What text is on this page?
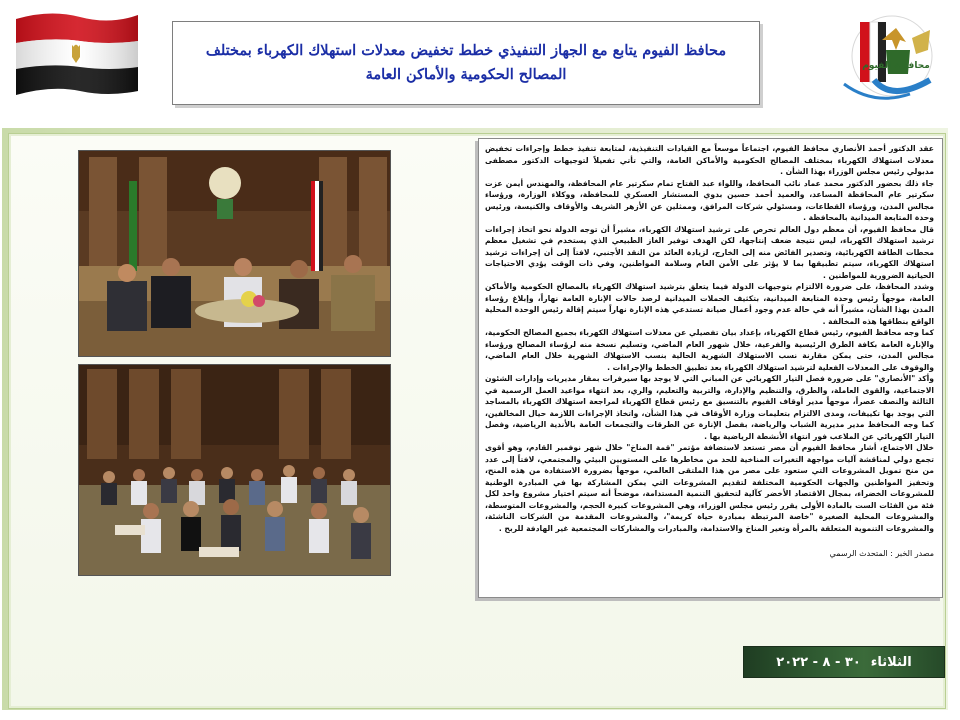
محافظة الفيوم
محافظ الفيوم يتابع مع الجهاز التنفيذي خطط تخفيض معدلات استهلاك الكهرباء بمختلف المصالح الحكومية والأماكن العامة

عقد الدكتور أحمد الأنصاري محافظ الفيوم، اجتماعاً موسعاً مع القيادات التنفيذية، لمتابعة تنفيذ خطط وإجراءات تخفيض معدلات استهلاك الكهرباء بمختلف المصالح الحكومية والأماكن العامة، والتي تأتي تفعيلاً لتوجيهات الدكتور مصطفى مدبولي رئيس مجلس الوزراء بهذا الشأن .

جاء ذلك بحضور الدكتور محمد عماد نائب المحافظ، واللواء عبد الفتاح تمام سكرتير عام المحافظة، والمهندس أيمن عزت سكرتير عام المحافظة المساعد، والعميد أحمد حسين بدوي المستشار العسكري للمحافظة، ووكلاء الوزارة، ورؤساء مجالس المدن، ورؤساء القطاعات، ومسئولي شركات المرافق، وممثلين عن الأزهر الشريف والأوقاف والكنيسة، ورئيس وحدة المتابعة الميدانية بالمحافظة .

قال محافظ الفيوم، أن معظم دول العالم تحرص على ترشيد استهلاك الكهرباء، مشيراً أن توجه الدولة نحو اتخاذ إجراءات ترشيد استهلاك الكهرباء، ليس نتيجة ضعف إنتاجها، لكن الهدف توفير الغاز الطبيعي الذي يستخدم في تشغيل معظم محطات الطاقة الكهربائية، وتصدير الفائض منه إلى الخارج، لزيادة العائد من النقد الأجنبي، لافتاً إلى أن إجراءات ترشيد استهلاك الكهرباء، سيتم تطبيقها بما لا يؤثر على الأمن العام وسلامة المواطنين، وفي ذات الوقت يؤدي الاحتياجات الحياتية الضرورية للمواطنين .

وشدد المحافظ، على ضرورة الالتزام بتوجيهات الدولة فيما يتعلق بترشيد استهلاك الكهرباء بالمصالح الحكومية والأماكن العامة، موجهاً رئيس وحدة المتابعة الميدانية، بتكثيف الحملات الميدانية لرصد حالات الإنارة العامة نهاراً، وإبلاغ رؤساء المدن بهذا الشأن، مشيراً أنه في حالة عدم وجود أعمال صيانة تستدعي هذه الإنارة نهاراً سيتم إقالة رئيس الوحدة المحلية الواقع بنطاقها هذه المخالفة .

كما وجه محافظ الفيوم، رئيس قطاع الكهرباء، بإعداد بيان تفصيلي عن معدلات استهلاك الكهرباء بجميع المصالح الحكومية، والإنارة العامة بكافة الطرق الرئيسية والفرعية، خلال شهور العام الماضي، وتسليم نسخة منه لرؤساء المصالح ورؤساء مجالس المدن، حتى يمكن مقارنة نسب الاستهلاك الشهرية الحالية بنسب الاستهلاك الشهرية خلال العام الماضي، والوقوف على المعدلات الفعلية لترشيد استهلاك الكهرباء بعد تطبيق الخطط والإجراءات .

وأكد "الأنصاري" على ضرورة فصل التيار الكهربائي عن المباني التي لا يوجد بها سيرفرات بمقار مديريات وإدارات الشئون الاجتماعية، والقوى العاملة، والطرق، والتنظيم والإدارة، والتربية والتعليم، والري، بعد انتهاء مواعيد العمل الرسمية في الثالثة والنصف عصراً، موجهاً مدير أوقاف الفيوم بالتنسيق مع رئيس قطاع الكهرباء لمراجعة استهلاك الكهرباء بالمساجد التي يوجد بها تكييفات، ومدى الالتزام بتعليمات وزارة الأوقاف في هذا الشأن، واتخاذ الإجراءات اللازمة حيال المخالفين، كما وجه المحافظ مدير مديرية الشباب والرياضة، بفصل الإنارة عن الطرقات والتجمعات العامة بالأندية الرياضية، وفصل التيار الكهربائي عن الملاعب فور انتهاء الأنشطة الرياضية بها .

خلال الاجتماع، أشار محافظ الفيوم أن مصر تستعد لاستضافة مؤتمر "قمة المناخ" خلال شهر نوفمبر القادم، وهو أقوى تجمع دولي لمناقشة آليات مواجهة التغيرات المناخية للحد من مخاطرها على المستويين البيئي والمجتمعي، لافتاً إلى عدد من منح تمويل المشروعات التي ستعود على مصر من هذا الملتقى العالمي، موجهاً بضرورة الاستفادة من هذه المنح، وتحفيز المواطنين والجهات الحكومية المختلفة لتقديم المشروعات التي يمكن المشاركة بها في المبادرة الوطنية للمشروعات الخضراء، بمجال الاقتصاد الأخضر كآلية لتحقيق التنمية المستدامة، موضحاً أنه سيتم اختيار مشروع واحد لكل فئة من الفئات الست بالمادة الأولى يقرر رئيس مجلس الوزراء، وهي المشروعات كبيرة الحجم، والمشروعات المتوسطة، والمشروعات المحلية الصغيرة "خاصة المرتبطة بمبادرة حياة كريمة"، والمشروعات المقدمة من الشركات الناشئة، والمشروعات التنموية المتعلقة بالمرأة وتغير المناخ والاستدامة، والمبادرات والمشاركات المجتمعية غير الهادفة للربح .

مصدر الخبر : المتحدث الرسمي

الثلاثاء
٣٠ - ٨ - ٢٠٢٢
